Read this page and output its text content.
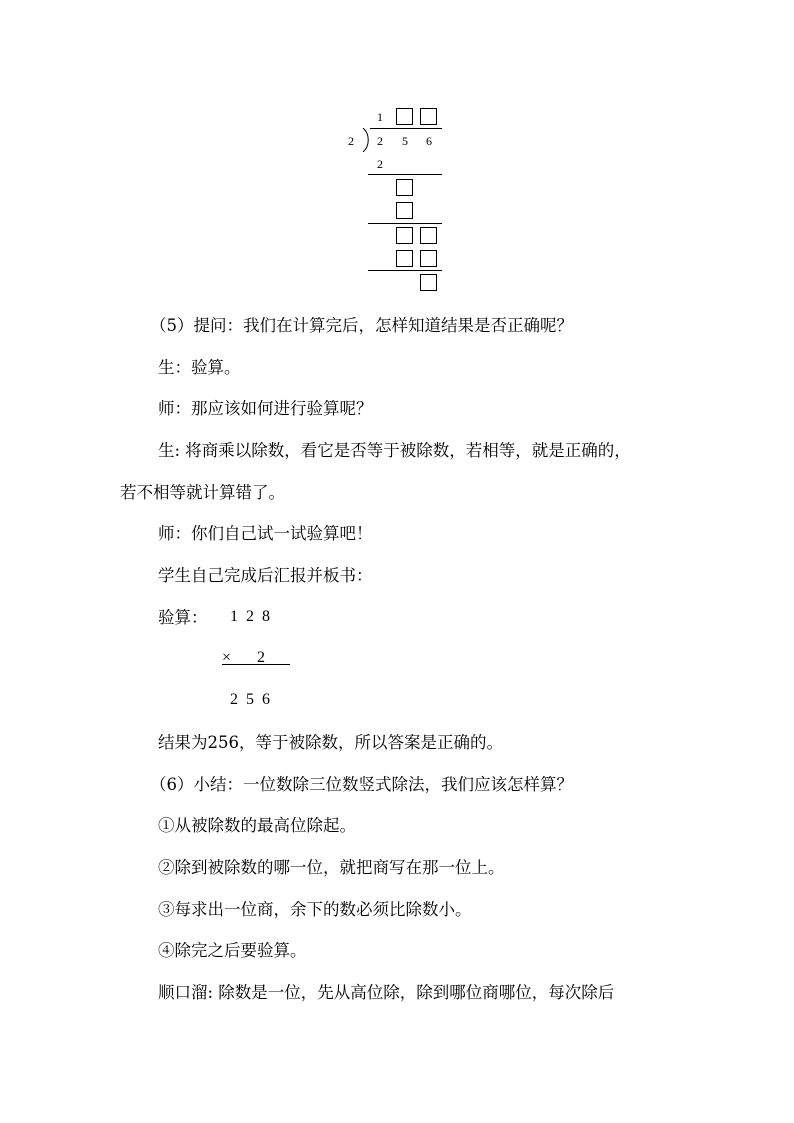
1
2 2 5 6
2
（5）提问：我们在计算完后，怎样知道结果是否正确呢？
生：验算。
师：那应该如何进行验算呢？
生: 将商乘以除数，看它是否等于被除数，若相等，就是正确的，
若不相等就计算错了。
师：你们自己试一试验算吧！
学生自己完成后汇报并板书：
验算： 1 2 8
×    2
2 5 6
结果为256，等于被除数，所以答案是正确的。
（6）小结：一位数除三位数竖式除法，我们应该怎样算？
①从被除数的最高位除起。
②除到被除数的哪一位，就把商写在那一位上。
③每求出一位商，余下的数必须比除数小。
④除完之后要验算。
顺口溜: 除数是一位，先从高位除，除到哪位商哪位，每次除后
